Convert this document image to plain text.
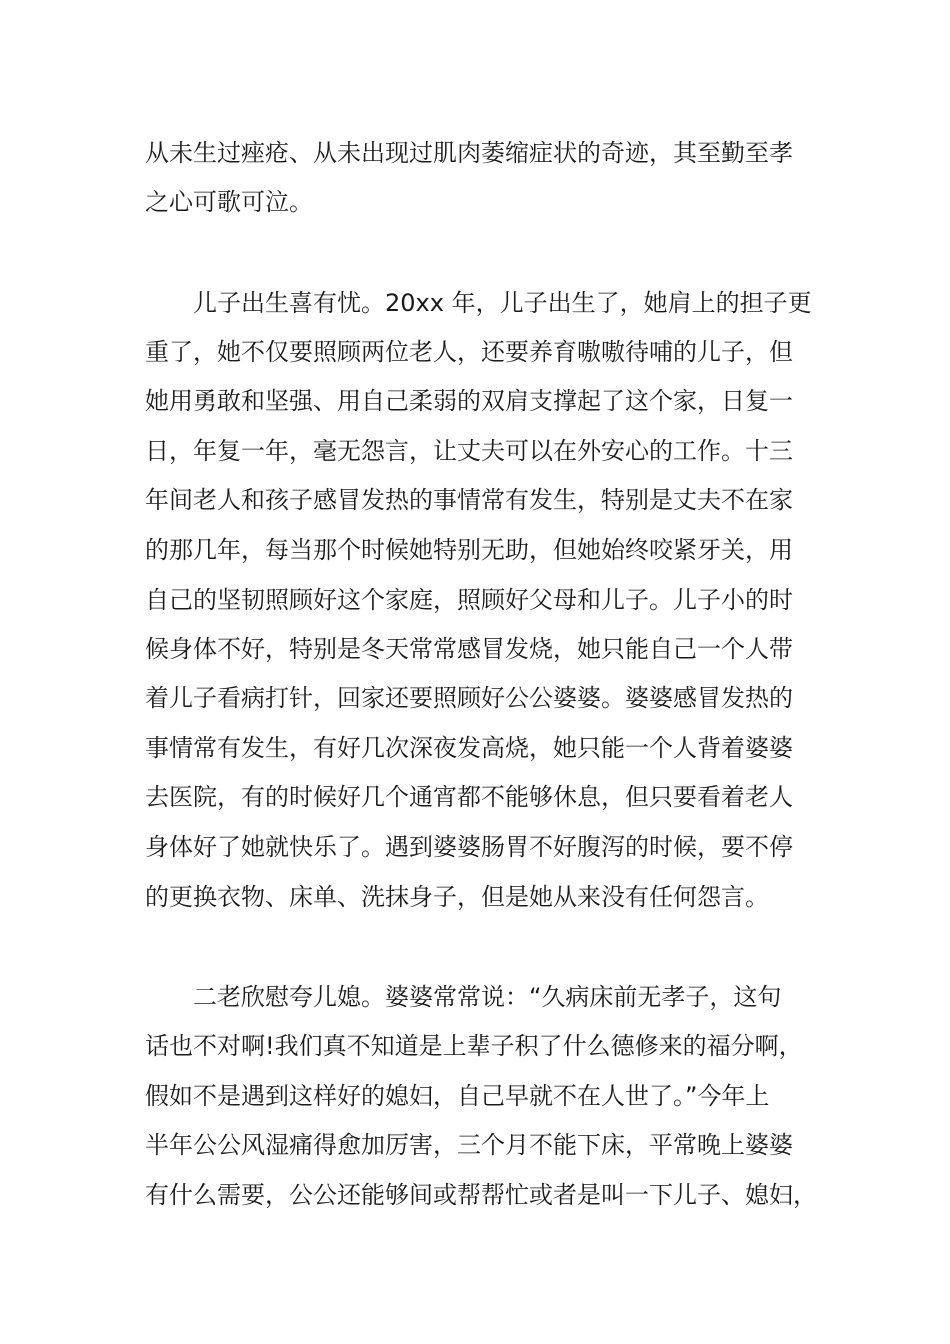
从未生过痤疮、从未出现过肌肉萎缩症状的奇迹，其至勤至孝

之心可歌可泣。

儿子出生喜有忧。20xx 年，儿子出生了，她肩上的担子更

重了，她不仅要照顾两位老人，还要养育嗷嗷待哺的儿子，但

她用勇敢和坚强、用自己柔弱的双肩支撑起了这个家，日复一

日，年复一年，毫无怨言，让丈夫可以在外安心的工作。十三

年间老人和孩子感冒发热的事情常有发生，特别是丈夫不在家

的那几年，每当那个时候她特别无助，但她始终咬紧牙关，用

自己的坚韧照顾好这个家庭，照顾好父母和儿子。儿子小的时

候身体不好，特别是冬天常常感冒发烧，她只能自己一个人带

着儿子看病打针，回家还要照顾好公公婆婆。婆婆感冒发热的

事情常有发生，有好几次深夜发高烧，她只能一个人背着婆婆

去医院，有的时候好几个通宵都不能够休息，但只要看着老人

身体好了她就快乐了。遇到婆婆肠胃不好腹泻的时候，要不停

的更换衣物、床单、洗抹身子，但是她从来没有任何怨言。

二老欣慰夸儿媳。婆婆常常说：“久病床前无孝子，这句

话也不对啊!我们真不知道是上辈子积了什么德修来的福分啊，

假如不是遇到这样好的媳妇，自己早就不在人世了。”今年上

半年公公风湿痛得愈加厉害，三个月不能下床，平常晚上婆婆

有什么需要，公公还能够间或帮帮忙或者是叫一下儿子、媳妇，
